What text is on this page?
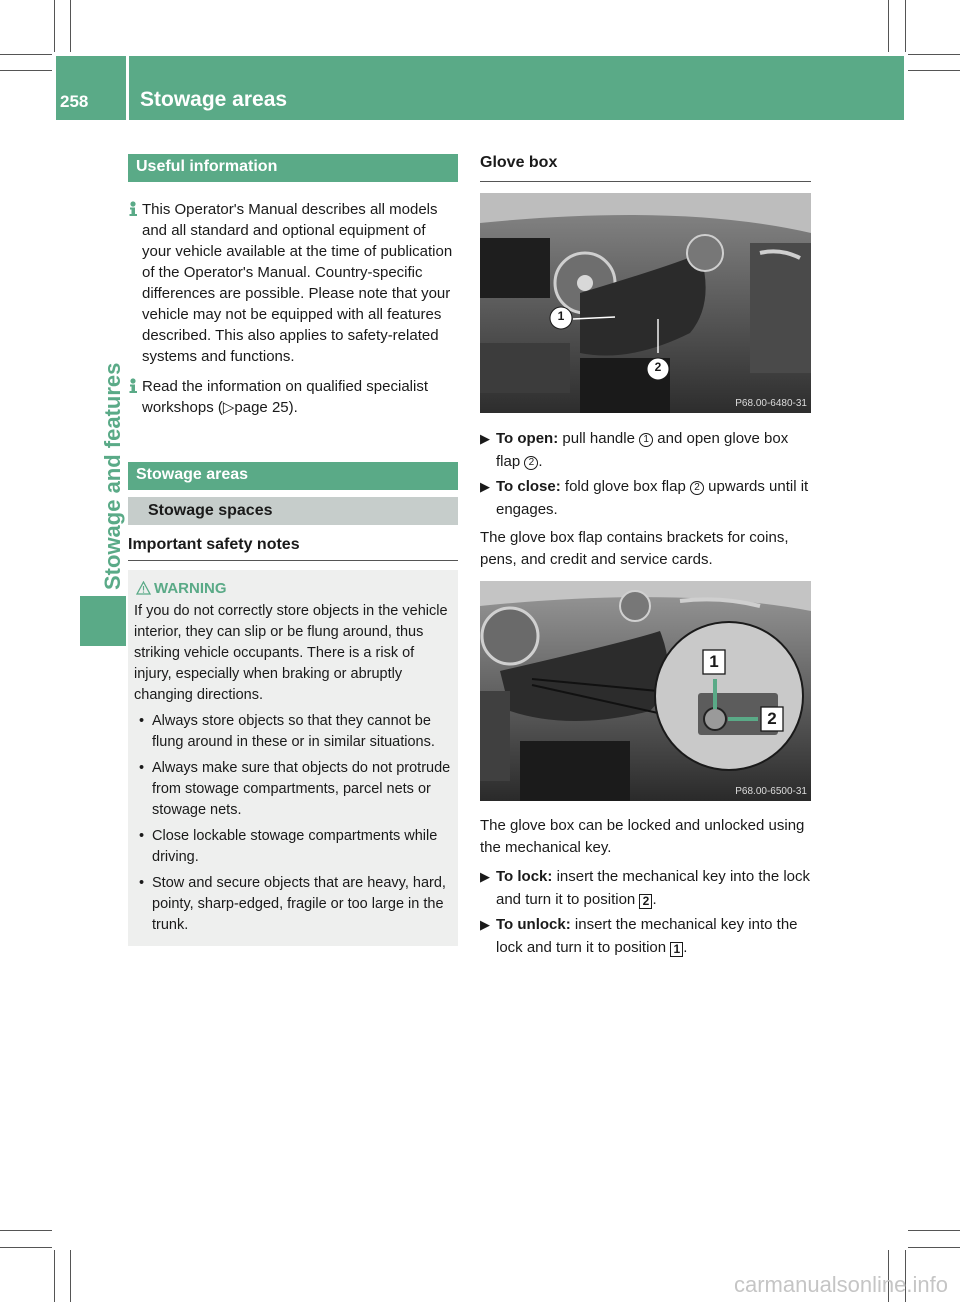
258	Stowage areas
Stowage and features
Useful information
This Operator's Manual describes all models and all standard and optional equipment of your vehicle available at the time of publication of the Operator's Manual. Country-specific differences are possible. Please note that your vehicle may not be equipped with all features described. This also applies to safety-related systems and functions.
Read the information on qualified specialist workshops (▷page 25).
Stowage areas
Stowage spaces
Important safety notes
WARNING
If you do not correctly store objects in the vehicle interior, they can slip or be flung around, thus striking vehicle occupants. There is a risk of injury, especially when braking or abruptly changing directions.
• Always store objects so that they cannot be flung around in these or in similar situations.
• Always make sure that objects do not protrude from stowage compartments, parcel nets or stowage nets.
• Close lockable stowage compartments while driving.
• Stow and secure objects that are heavy, hard, pointy, sharp-edged, fragile or too large in the trunk.
Glove box
1
2
P68.00-6480-31
▶ To open: pull handle 1 and open glove box flap 2 .
▶ To close: fold glove box flap 2 upwards until it engages.
The glove box flap contains brackets for coins, pens, and credit and service cards.
1
2
P68.00-6500-31
The glove box can be locked and unlocked using the mechanical key.
▶ To lock: insert the mechanical key into the lock and turn it to position 2 .
▶ To unlock: insert the mechanical key into the lock and turn it to position 1 .
carmanualsonline.info
